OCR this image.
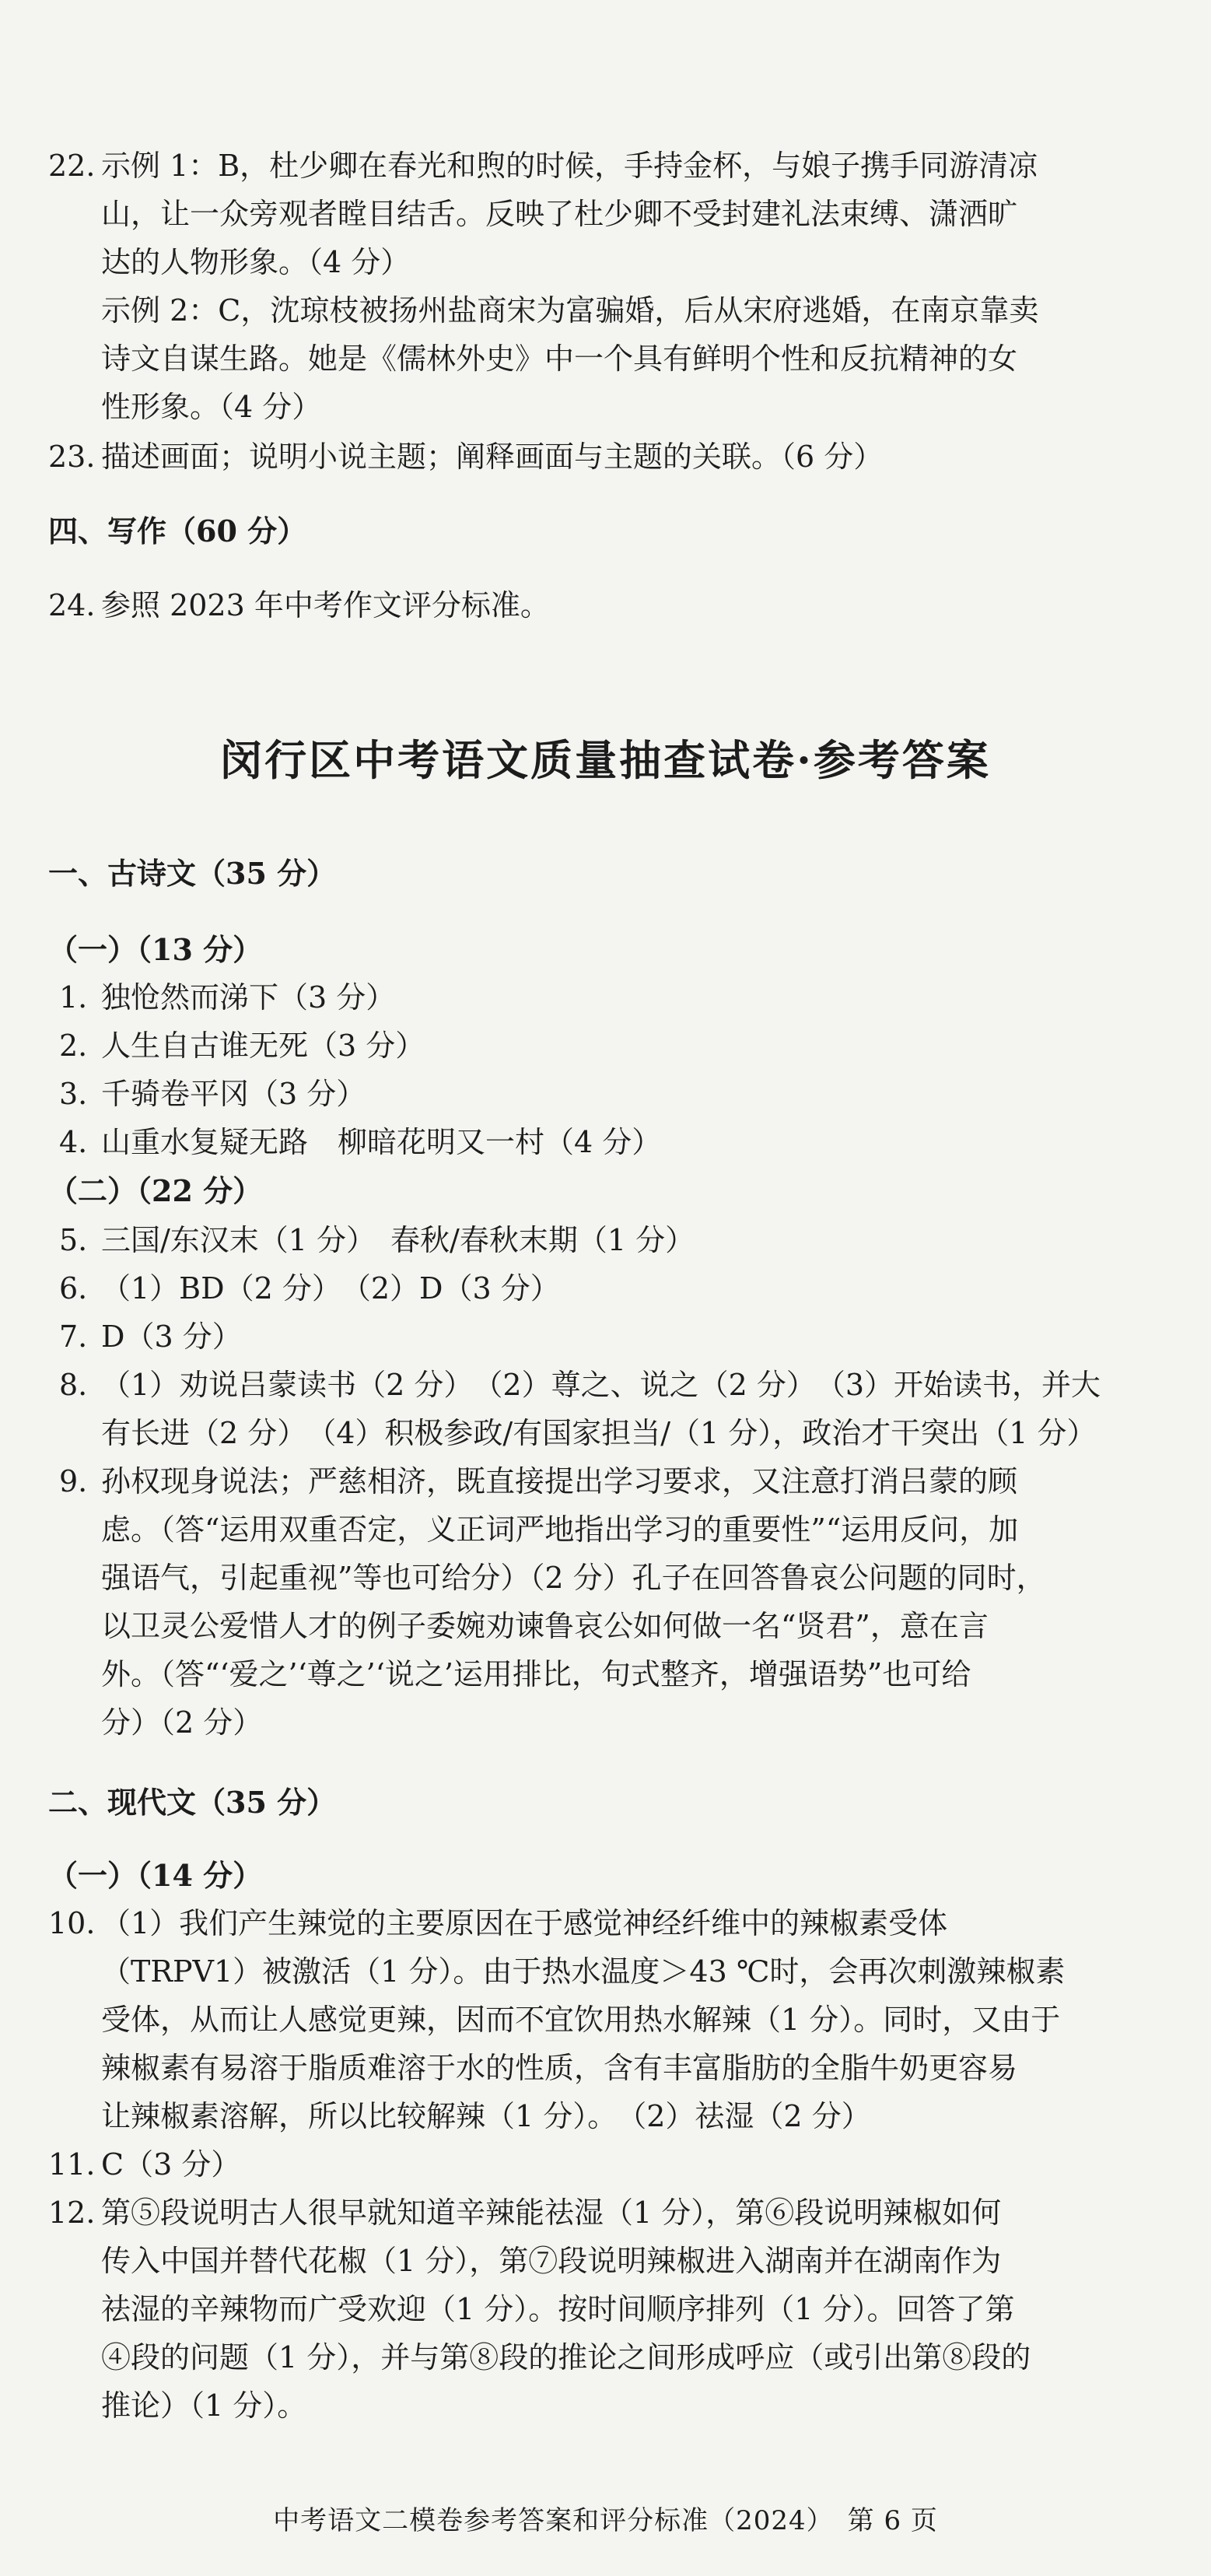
22. 示例 1：B，杜少卿在春光和煦的时候，手持金杯，与娘子携手同游清凉
山，让一众旁观者瞠目结舌。反映了杜少卿不受封建礼法束缚、潇洒旷
达的人物形象。（4 分）
示例 2：C，沈琼枝被扬州盐商宋为富骗婚，后从宋府逃婚，在南京靠卖
诗文自谋生路。她是《儒林外史》中一个具有鲜明个性和反抗精神的女
性形象。（4 分）
23. 描述画面；说明小说主题；阐释画面与主题的关联。（6 分）
四、写作（60 分）
24. 参照 2023 年中考作文评分标准。
闵行区中考语文质量抽查试卷·参考答案
一、古诗文（35 分）
（一）（13 分）
1. 独怆然而涕下（3 分）
2. 人生自古谁无死（3 分）
3. 千骑卷平冈（3 分）
4. 山重水复疑无路　柳暗花明又一村（4 分）
（二）（22 分）
5. 三国/东汉末（1 分）　春秋/春秋末期（1 分）
6. （1）BD（2 分）　（2）D（3 分）
7. D（3 分）
8. （1）劝说吕蒙读书（2 分）　（2）尊之、说之（2 分）　（3）开始读书，并大
有长进（2 分）　（4）积极参政/有国家担当/（1 分），政治才干突出（1 分）
9. 孙权现身说法；严慈相济，既直接提出学习要求，又注意打消吕蒙的顾
虑。（答“运用双重否定，义正词严地指出学习的重要性”“运用反问，加
强语气，引起重视”等也可给分）（2 分）孔子在回答鲁哀公问题的同时，
以卫灵公爱惜人才的例子委婉劝谏鲁哀公如何做一名“贤君”，意在言
外。（答“‘爱之’‘尊之’‘说之’运用排比，句式整齐，增强语势”也可给
分）（2 分）
二、现代文（35 分）
（一）（14 分）
10. （1）我们产生辣觉的主要原因在于感觉神经纤维中的辣椒素受体
（TRPV1）被激活（1 分）。由于热水温度＞43 ℃时，会再次刺激辣椒素
受体，从而让人感觉更辣，因而不宜饮用热水解辣（1 分）。同时，又由于
辣椒素有易溶于脂质难溶于水的性质，含有丰富脂肪的全脂牛奶更容易
让辣椒素溶解，所以比较解辣（1 分）。　（2）祛湿（2 分）
11. C（3 分）
12. 第⑤段说明古人很早就知道辛辣能祛湿（1 分），第⑥段说明辣椒如何
传入中国并替代花椒（1 分），第⑦段说明辣椒进入湖南并在湖南作为
祛湿的辛辣物而广受欢迎（1 分）。按时间顺序排列（1 分）。回答了第
④段的问题（1 分），并与第⑧段的推论之间形成呼应（或引出第⑧段的
推论）（1 分）。
中考语文二模卷参考答案和评分标准（2024）　第 6 页
